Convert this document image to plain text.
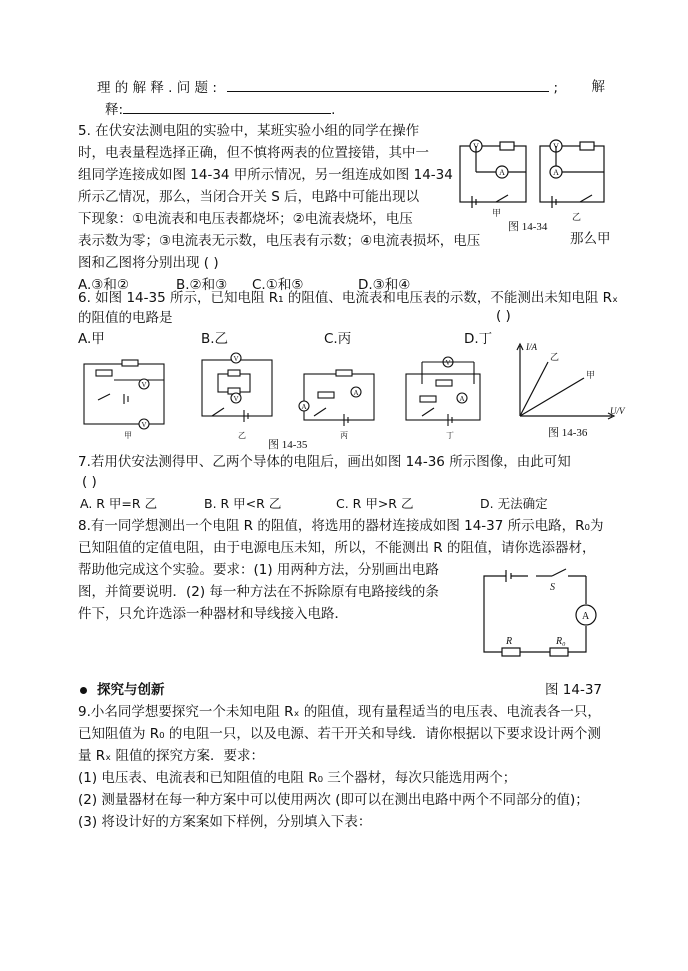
理 的 解 释 . 问 题 :	; 解
释:	.
5. 在伏安法测电阻的实验中，某班实验小组的同学在操作
时，电表量程选择正确，但不慎将两表的位置接错，其中一
组同学连接成如图 14-34 甲所示情况，另一组连成如图 14-34
所示乙情况，那么，当闭合开关 S 后，电路中可能出现以
下现象：①电流表和电压表都烧坏；②电流表烧坏，电压
表示数为零；③电流表无示数，电压表有示数；④电流表损坏，电压	那么甲
图和乙图将分别出现 ( )
A.③和②	B.②和③ C.①和⑤	D.③和④
V
A
V
A
甲	乙
图 14-34
6. 如图 14-35 所示，已知电阻 R₁ 的阻值、电流表和电压表的示数，不能测出未知电阻 Rₓ
的阻值的电路是	( )
A.甲	B.乙	C.丙	D.丁
V
V
V
V
A
A
V
A
甲	乙	丙	丁
图 14-35
I/A
U/V
乙
甲
图 14-36
7.若用伏安法测得甲、乙两个导体的电阻后，画出如图 14-36 所示图像，由此可知
( )
A. R 甲=R 乙	B. R 甲<R 乙	C. R 甲>R 乙	D. 无法确定
8.有一同学想测出一个电阻 R 的阻值，将选用的器材连接成如图 14-37 所示电路，R₀为
已知阻值的定值电阻，由于电源电压未知，所以，不能测出 R 的阻值，请你选添器材，
帮助他完成这个实验。要求：(1) 用两种方法，分别画出电路
图，并简要说明．(2) 每一种方法在不拆除原有电路接线的条
件下，只允许选添一种器材和导线接入电路．
S
A
R	R₀
探究与创新	图 14-37
9.小名同学想要探究一个未知电阻 Rₓ 的阻值，现有量程适当的电压表、电流表各一只，
已知阻值为 R₀ 的电阻一只，以及电源、若干开关和导线．请你根据以下要求设计两个测
量 Rₓ 阻值的探究方案．要求：
(1) 电压表、电流表和已知阻值的电阻 R₀ 三个器材，每次只能选用两个；
(2) 测量器材在每一种方案中可以使用两次 (即可以在测出电路中两个不同部分的值)；
(3) 将设计好的方案案如下样例，分别填入下表：
